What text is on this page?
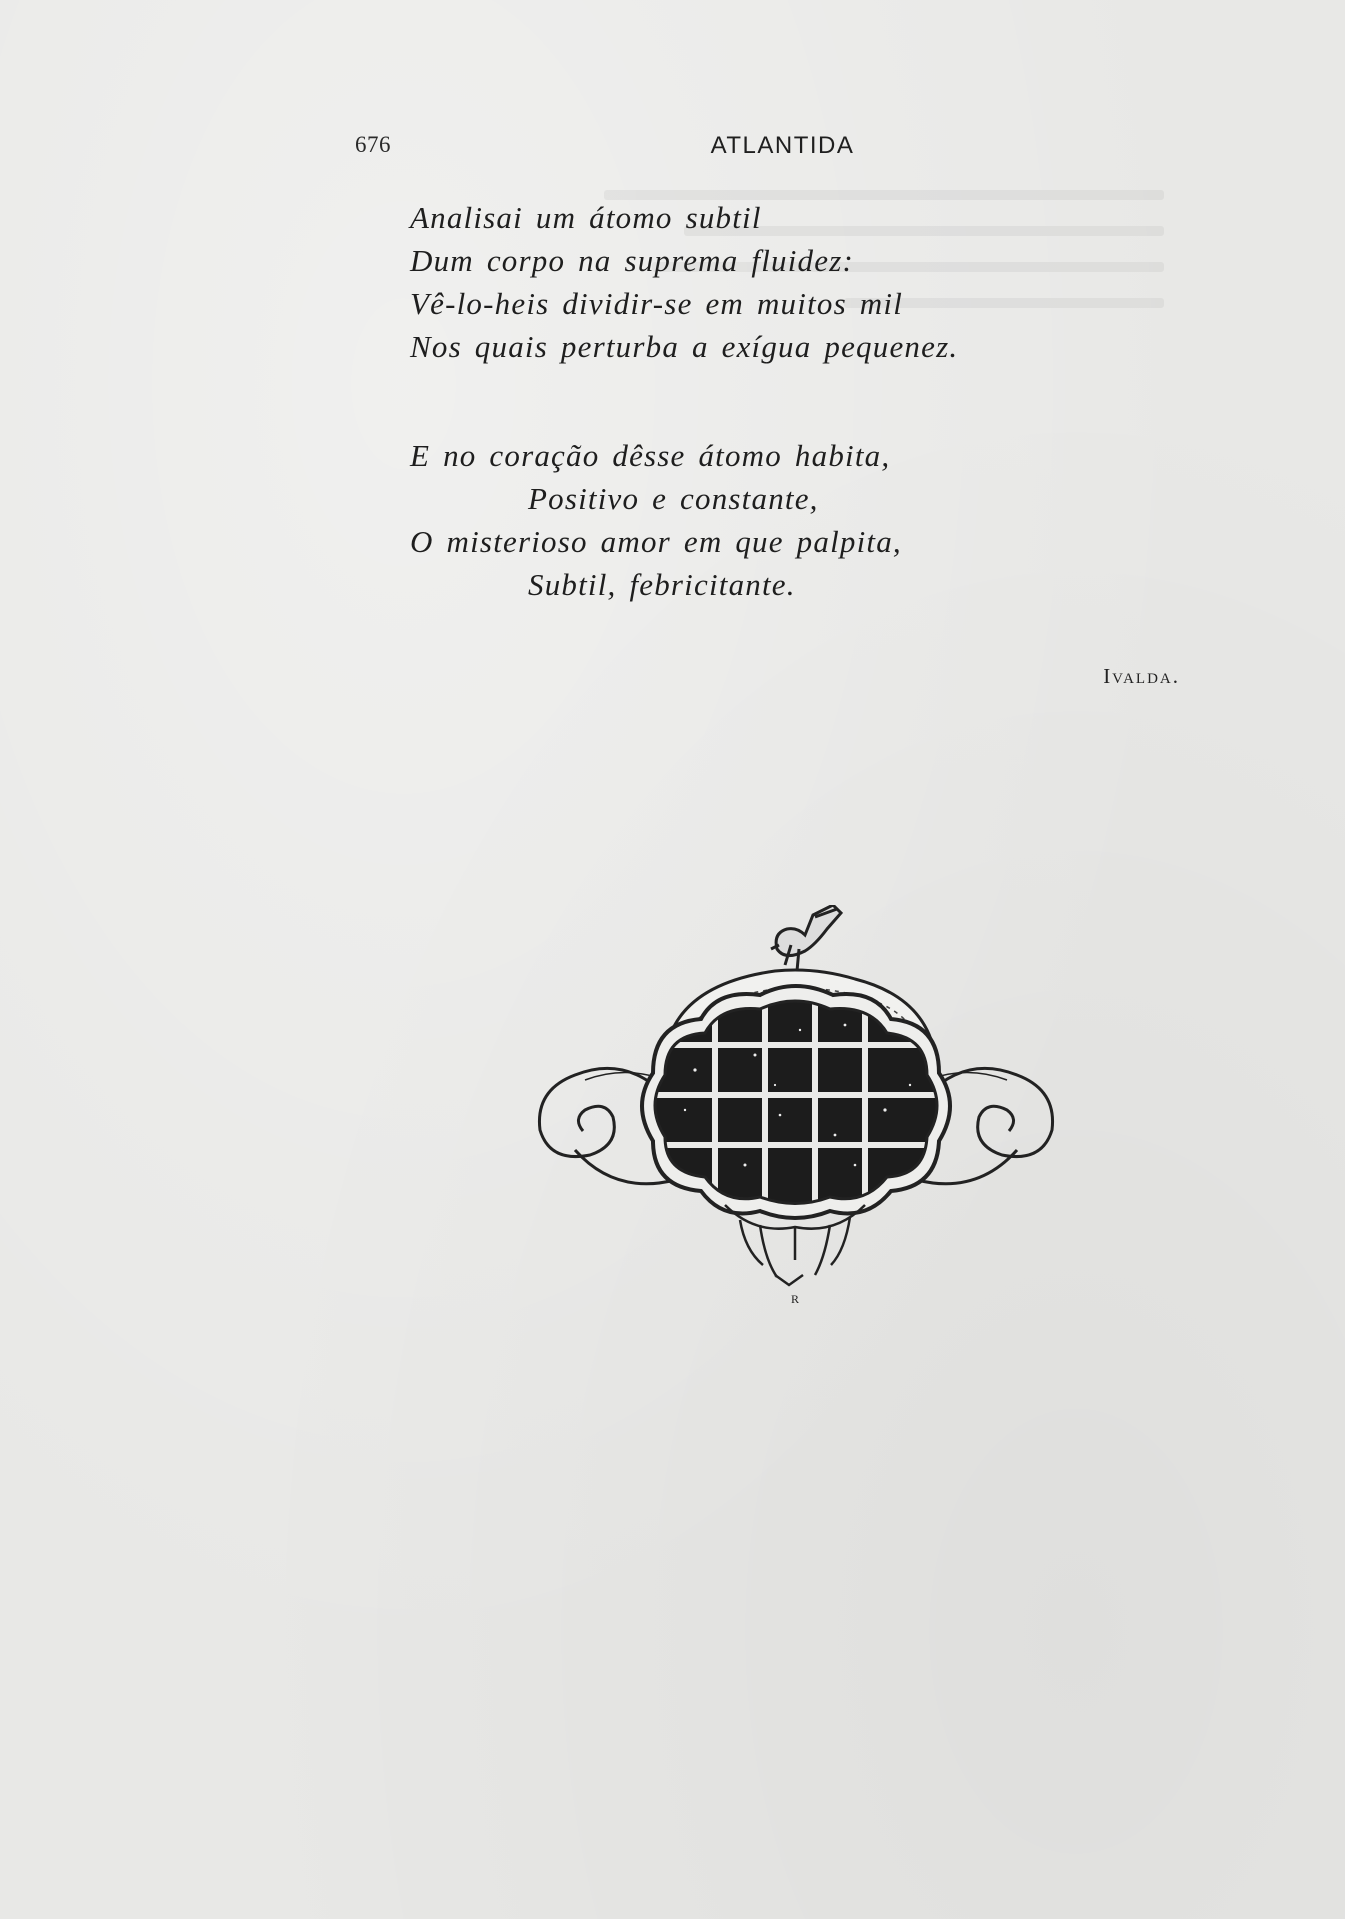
676	ATLANTIDA
Analisai um átomo subtil
Dum corpo na suprema fluidez:
Vê-lo-heis dividir-se em muitos mil
Nos quais perturba a exígua pequenez.
E no coração dêsse átomo habita,
Positivo e constante,
O misterioso amor em que palpita,
Subtil, febricitante.
Ivalda.
R
